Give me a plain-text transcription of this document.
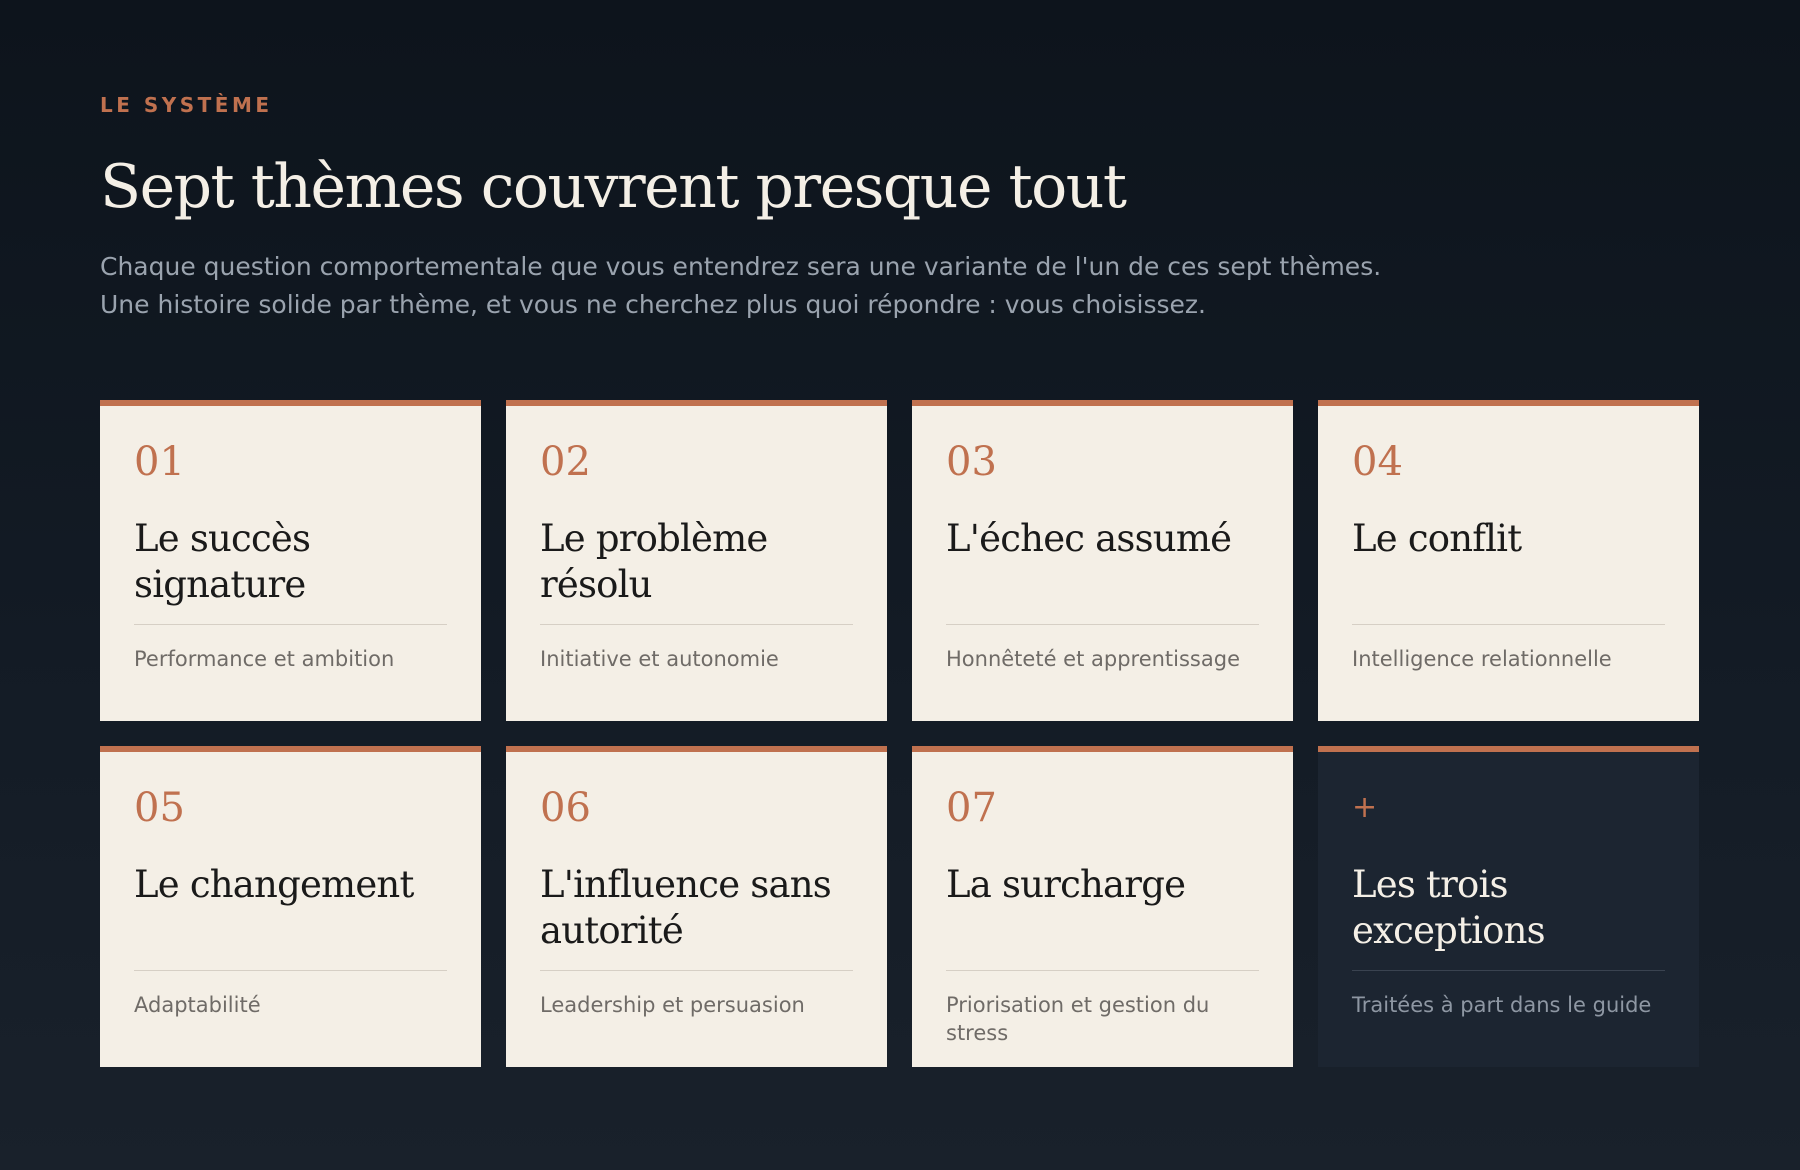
LE SYSTÈME

Sept thèmes couvrent presque tout

Chaque question comportementale que vous entendrez sera une variante de l'un de ces sept thèmes.
Une histoire solide par thème, et vous ne cherchez plus quoi répondre : vous choisissez.

01
Le succès signature

Performance et ambition

02
Le problème résolu

Initiative et autonomie

03
L'échec assumé

Honnêteté et apprentissage

04
Le conflit

Intelligence relationnelle

05
Le changement

Adaptabilité

06
L'influence sans autorité

Leadership et persuasion

07
La surcharge

Priorisation et gestion du stress

+
Les trois exceptions

Traitées à part dans le guide
